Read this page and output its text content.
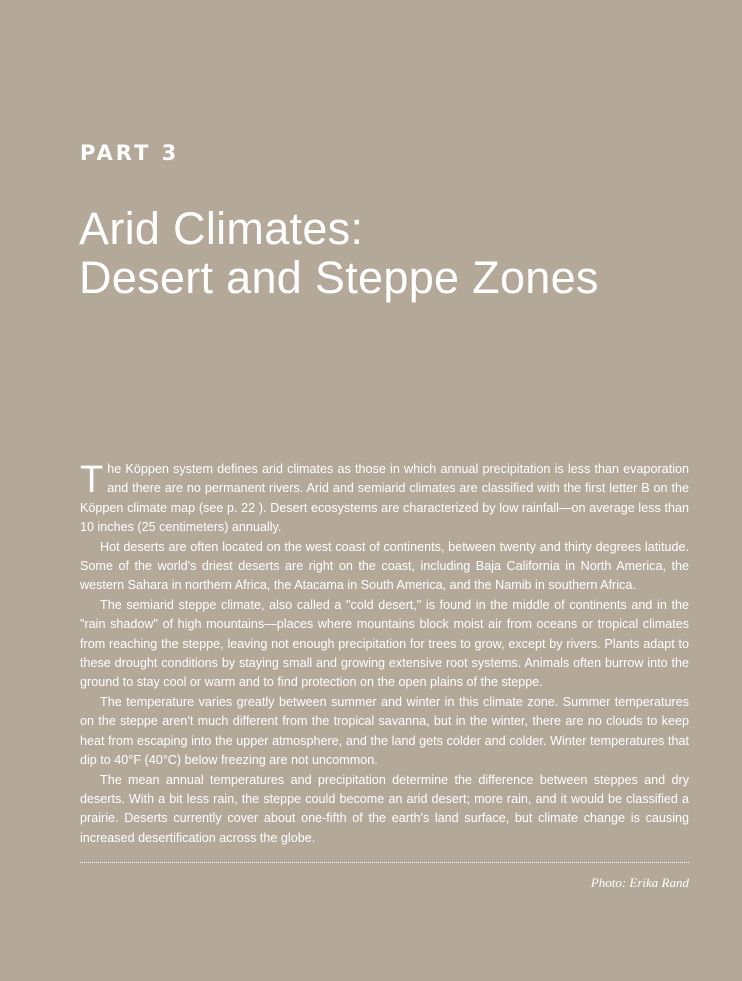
PART 3
Arid Climates:
Desert and Steppe Zones

The Köppen system defines arid climates as those in which annual precipitation is less than evaporation and there are no permanent rivers. Arid and semiarid climates are classified with the first letter B on the Köppen climate map (see p. 22 ). Desert ecosystems are characterized by low rainfall—on average less than 10 inches (25 centimeters) annually.

Hot deserts are often located on the west coast of continents, between twenty and thirty degrees latitude. Some of the world's driest deserts are right on the coast, including Baja California in North America, the western Sahara in northern Africa, the Atacama in South America, and the Namib in southern Africa.

The semiarid steppe climate, also called a "cold desert," is found in the middle of continents and in the "rain shadow" of high mountains—places where mountains block moist air from oceans or tropical climates from reaching the steppe, leaving not enough precipitation for trees to grow, except by rivers. Plants adapt to these drought conditions by staying small and growing extensive root systems. Animals often burrow into the ground to stay cool or warm and to find protection on the open plains of the steppe.

The temperature varies greatly between summer and winter in this climate zone. Summer temperatures on the steppe aren't much different from the tropical savanna, but in the winter, there are no clouds to keep heat from escaping into the upper atmosphere, and the land gets colder and colder. Winter temperatures that dip to 40°F (40°C) below freezing are not uncommon.

The mean annual temperatures and precipitation determine the difference between steppes and dry deserts. With a bit less rain, the steppe could become an arid desert; more rain, and it would be classified a prairie. Deserts currently cover about one-fifth of the earth's land surface, but climate change is causing increased desertification across the globe.

Photo: Erika Rand
